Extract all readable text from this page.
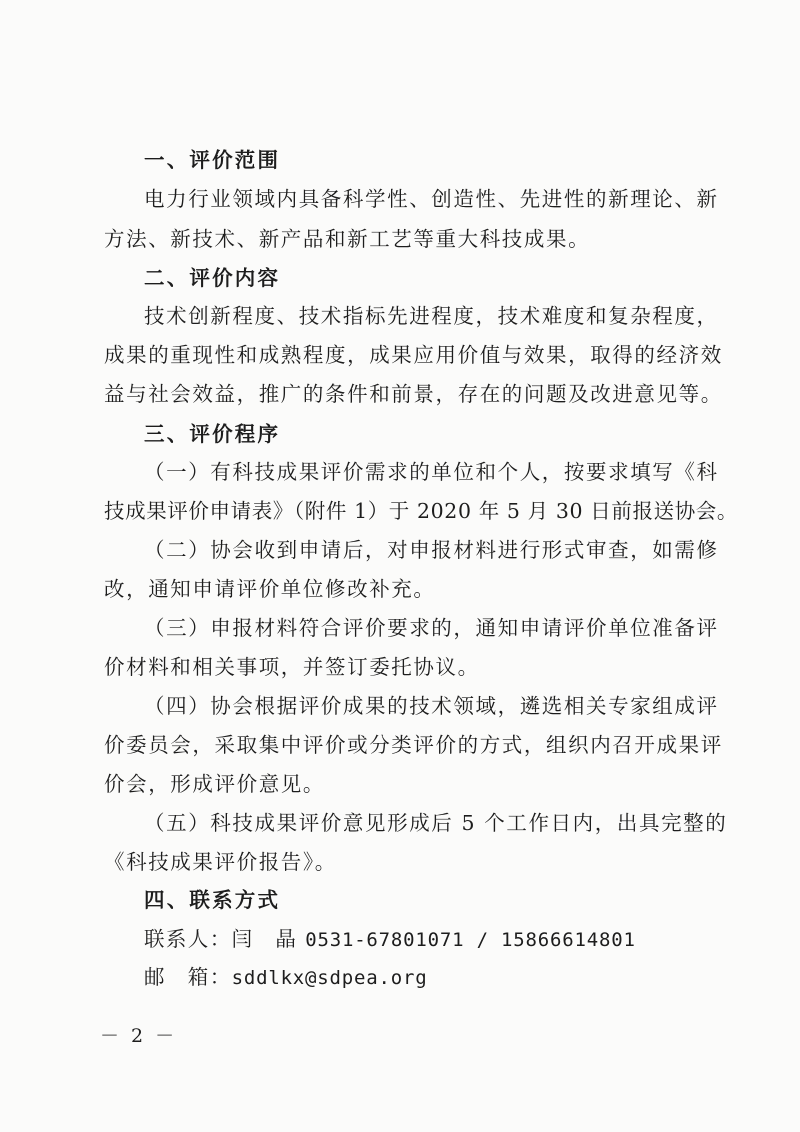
一、评价范围
电力行业领域内具备科学性、创造性、先进性的新理论、新
方法、新技术、新产品和新工艺等重大科技成果。
二、评价内容
技术创新程度、技术指标先进程度，技术难度和复杂程度，
成果的重现性和成熟程度，成果应用价值与效果，取得的经济效
益与社会效益，推广的条件和前景，存在的问题及改进意见等。
三、评价程序
（一）有科技成果评价需求的单位和个人，按要求填写《科
技成果评价申请表》（附件 1）于 2020 年 5 月 30 日前报送协会。
（二）协会收到申请后，对申报材料进行形式审查，如需修
改，通知申请评价单位修改补充。
（三）申报材料符合评价要求的，通知申请评价单位准备评
价材料和相关事项，并签订委托协议。
（四）协会根据评价成果的技术领域，遴选相关专家组成评
价委员会，采取集中评价或分类评价的方式，组织内召开成果评
价会，形成评价意见。
（五）科技成果评价意见形成后 5 个工作日内，出具完整的
《科技成果评价报告》。
四、联系方式
联系人：闫　晶 0531-67801071 / 15866614801
邮　箱：sddlkx@sdpea.org
－ 2 －
